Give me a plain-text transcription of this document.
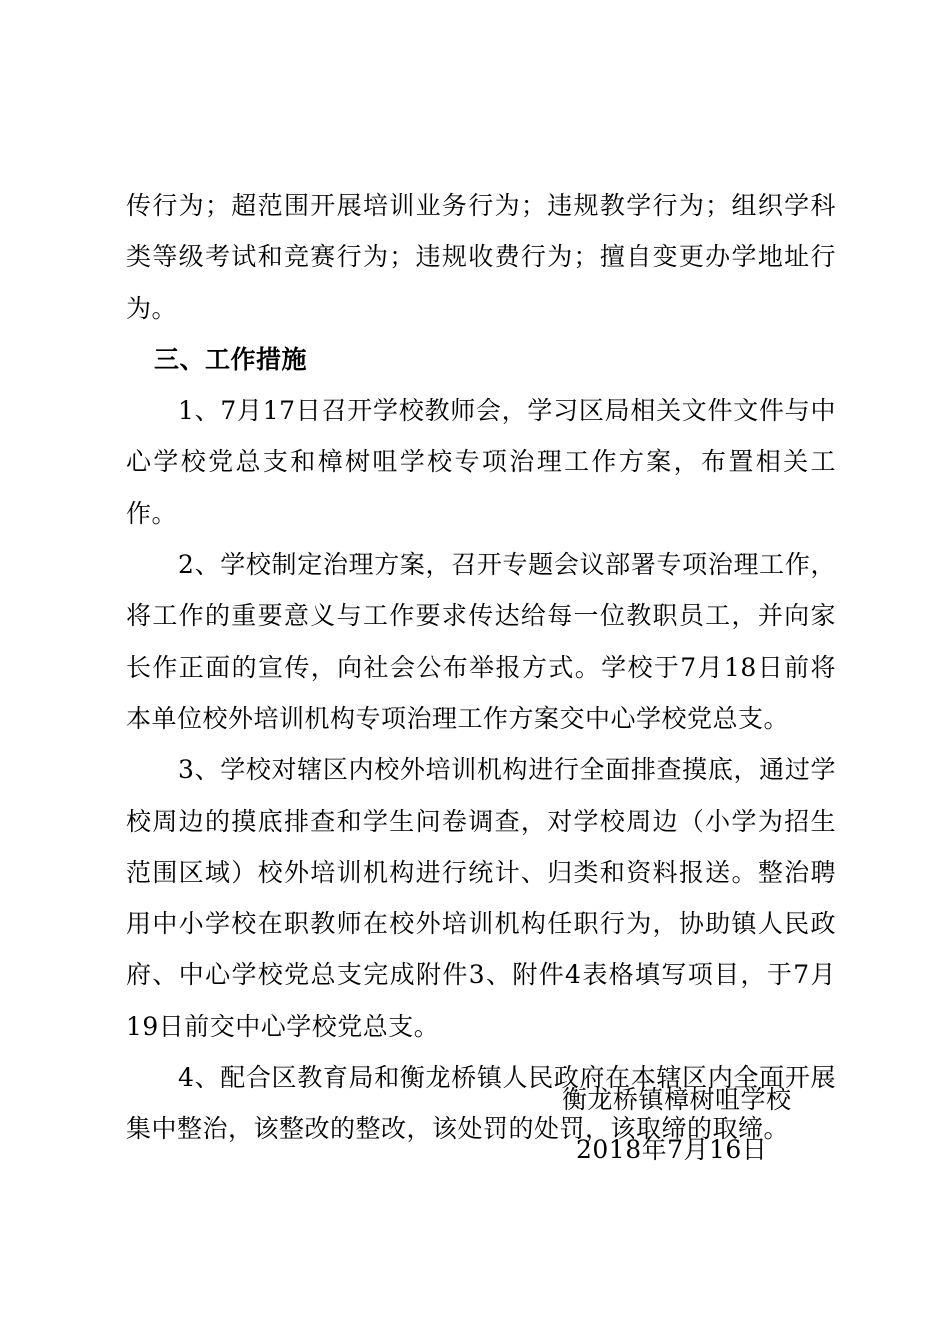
传行为；超范围开展培训业务行为；违规教学行为；组织学科类等级考试和竞赛行为；违规收费行为；擅自变更办学地址行为。

三、工作措施

1、7月17日召开学校教师会，学习区局相关文件文件与中心学校党总支和樟树咀学校专项治理工作方案，布置相关工作。

2、学校制定治理方案，召开专题会议部署专项治理工作，将工作的重要意义与工作要求传达给每一位教职员工，并向家长作正面的宣传，向社会公布举报方式。学校于7月18日前将本单位校外培训机构专项治理工作方案交中心学校党总支。

3、学校对辖区内校外培训机构进行全面排查摸底，通过学校周边的摸底排查和学生问卷调查，对学校周边（小学为招生范围区域）校外培训机构进行统计、归类和资料报送。整治聘用中小学校在职教师在校外培训机构任职行为，协助镇人民政府、中心学校党总支完成附件3、附件4表格填写项目，于7月19日前交中心学校党总支。

4、配合区教育局和衡龙桥镇人民政府在本辖区内全面开展集中整治，该整改的整改，该处罚的处罚，该取缔的取缔。

衡龙桥镇樟树咀学校
2018年7月16日
